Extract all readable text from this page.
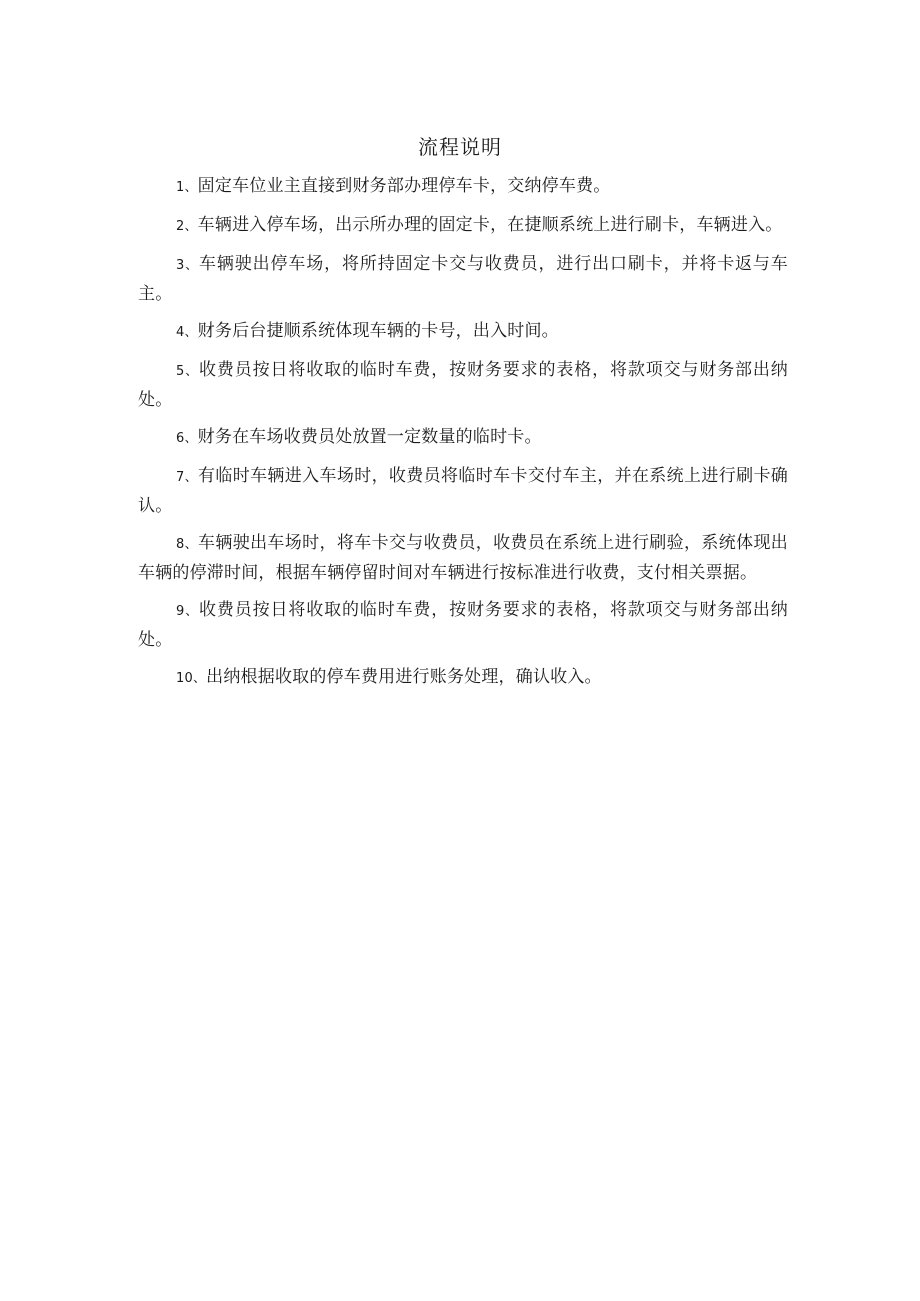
流程说明

1、固定车位业主直接到财务部办理停车卡，交纳停车费。

2、车辆进入停车场，出示所办理的固定卡，在捷顺系统上进行刷卡，车辆进入。

3、车辆驶出停车场，将所持固定卡交与收费员，进行出口刷卡，并将卡返与车主。

4、财务后台捷顺系统体现车辆的卡号，出入时间。

5、收费员按日将收取的临时车费，按财务要求的表格，将款项交与财务部出纳处。

6、财务在车场收费员处放置一定数量的临时卡。

7、有临时车辆进入车场时，收费员将临时车卡交付车主，并在系统上进行刷卡确认。

8、车辆驶出车场时，将车卡交与收费员，收费员在系统上进行刷验，系统体现出车辆的停滞时间，根据车辆停留时间对车辆进行按标准进行收费，支付相关票据。

9、收费员按日将收取的临时车费，按财务要求的表格，将款项交与财务部出纳处。

10、出纳根据收取的停车费用进行账务处理，确认收入。
